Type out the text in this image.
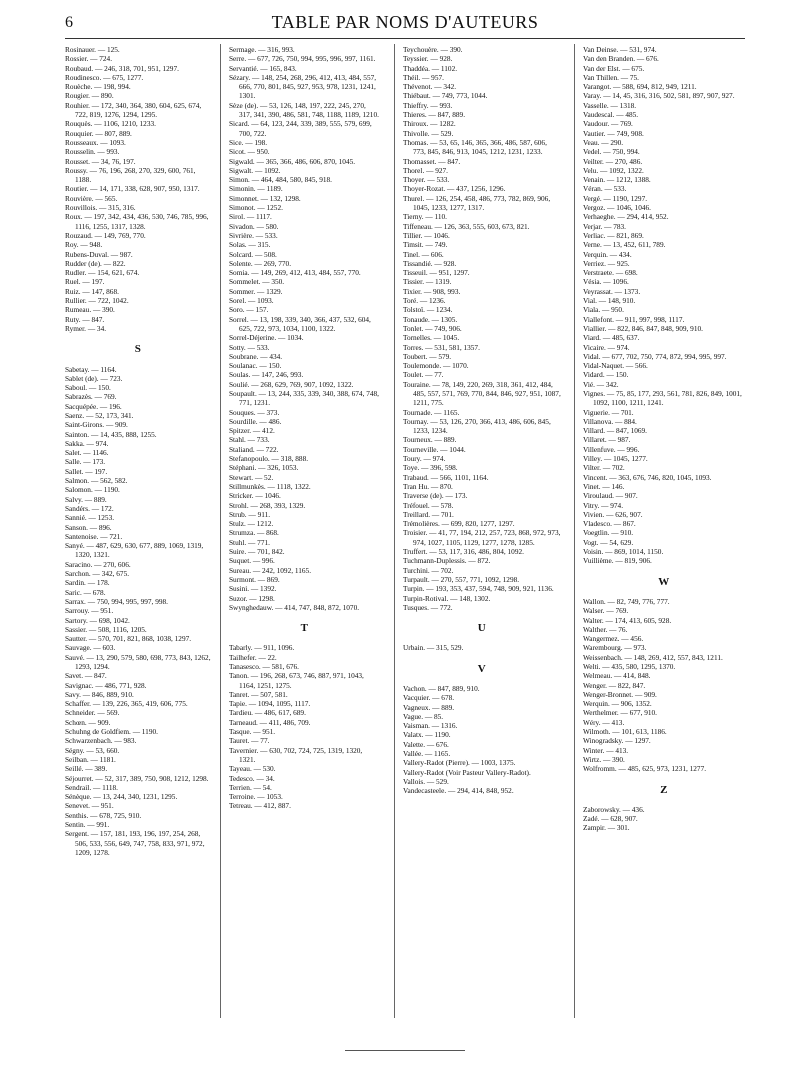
6	TABLE PAR NOMS D'AUTEURS
Rosinauer. — 125.
Rossier. — 724.
Roubaud. — 246, 318, 701, 951, 1297.
Roudinesco. — 675, 1277.
Rouèche. — 198, 994.
Rougier. — 890.
Rouhier. — 172, 340, 364, 380, 604, 625, 674, 722, 819, 1276, 1294, 1295.
Rouquès. — 1106, 1210, 1233.
Rouquier. — 807, 889.
Rousseaux. — 1093.
Rousselin. — 993.
Rousset. — 34, 76, 197.
Roussy. — 76, 196, 268, 270, 329, 600, 761, 1188.
Routier. — 14, 171, 338, 628, 907, 950, 1317.
Rouvière. — 565.
Rouvillois. — 315, 316.
Roux. — 197, 342, 434, 436, 530, 746, 785, 996, 1116, 1255, 1317, 1328.
Rouzaud. — 149, 769, 770.
Roy. — 948.
Rubens-Duval. — 987.
Rudder (de). — 822.
Rudler. — 154, 621, 674.
Ruel. — 197.
Ruiz. — 147, 868.
Rullier. — 722, 1042.
Rumeau. — 390.
Ruty. — 847.
Rymer. — 34.
S
Sabetay. — 1164.
Sablet (de). — 723.
Saboul. — 150.
Sabrazès. — 769.
Sacquépée. — 196.
Saenz. — 52, 173, 341.
Saint-Girons. — 909.
Sainton. — 14, 435, 888, 1255.
Sakka. — 974.
Salet. — 1146.
Salle. — 173.
Sallet. — 197.
Salmon. — 562, 582.
Salomon. — 1190.
Salvy. — 889.
Sandérs. — 172.
Sannié. — 1253.
Sanson. — 896.
Santenoise. — 721.
Sanyé. — 487, 629, 630, 677, 889, 1069, 1319, 1320, 1321.
Saracino. — 270, 606.
Sarchon. — 342, 675.
Sardin. — 178.
Saric. — 678.
Sarrax. — 750, 994, 995, 997, 998.
Sarrouy. — 951.
Sartory. — 698, 1042.
Sassier. — 508, 1116, 1205.
Sautter. — 570, 701, 821, 868, 1038, 1297.
Sauvage. — 603.
Sauvé. — 13, 290, 579, 580, 698, 773, 843, 1262, 1293, 1294.
Savet. — 847.
Savignac. — 486, 771, 928.
Savy. — 846, 889, 910.
Schaffer. — 139, 226, 365, 419, 606, 775.
Schneider. — 569.
Schœn. — 909.
Schuhng de Goldfiem. — 1190.
Schwarzenbach. — 983.
Ségny. — 53, 660.
Seilban. — 1181.
Seillé. — 389.
Séjourret. — 52, 317, 389, 750, 908, 1212, 1298.
Sendrail. — 1118.
Sénèque. — 13, 244, 340, 1231, 1295.
Senevet. — 951.
Senthis. — 678, 725, 910.
Sentin. — 991.
Sergent. — 157, 181, 193, 196, 197, 254, 268, 506, 533, 556, 649, 747, 758, 833, 971, 972, 1209, 1278.
Sermage. — 316, 993.
Serre. — 677, 726, 750, 994, 995, 996, 997, 1161.
Servantié. — 165, 843.
Sézary. — 148, 254, 268, 296, 412, 413, 484, 557, 666, 770, 801, 845, 927, 953, 978, 1231, 1241, 1301.
Sèze (de). — 53, 126, 148, 197, 222, 245, 270, 317, 341, 390, 486, 581, 748, 1188, 1189, 1210.
Sicard. — 64, 123, 244, 339, 389, 555, 579, 699, 700, 722.
Sice. — 198.
Sicot. — 950.
Sigwald. — 365, 366, 486, 606, 870, 1045.
Sigwalt. — 1092.
Simon. — 464, 484, 580, 845, 918.
Simonin. — 1189.
Simonnet. — 132, 1298.
Simonot. — 1252.
Sirol. — 1117.
Sivadon. — 580.
Sivrière. — 533.
Solas. — 315.
Solcard. — 508.
Solente. — 269, 770.
Somia. — 149, 269, 412, 413, 484, 557, 770.
Sommelet. — 350.
Sommer. — 1329.
Sorel. — 1093.
Soro. — 157.
Sorrel. — 13, 198, 339, 340, 366, 437, 532, 604, 625, 722, 973, 1034, 1100, 1322.
Sorrel-Déjerine. — 1034.
Sotty. — 533.
Soubrane. — 434.
Soulanac. — 150.
Soulas. — 147, 246, 993.
Soulié. — 268, 629, 769, 907, 1092, 1322.
Soupault. — 13, 244, 335, 339, 340, 388, 674, 748, 771, 1231.
Souques. — 373.
Sourdille. — 486.
Spitzer. — 412.
Stahl. — 733.
Staliand. — 722.
Stefanopoulo. — 318, 888.
Stéphani. — 326, 1053.
Stewart. — 52.
Stillmunkès. — 1118, 1322.
Stricker. — 1046.
Strohl. — 268, 393, 1329.
Strub. — 911.
Stulz. — 1212.
Strumza. — 868.
Stuhl. — 771.
Suire. — 701, 842.
Suquet. — 996.
Sureau. — 242, 1092, 1165.
Surmont. — 869.
Susini. — 1392.
Suzor. — 1298.
Swynghedauw. — 414, 747, 848, 872, 1070.
T
Tabarly. — 911, 1096.
Tailhefer. — 22.
Tanasesco. — 581, 676.
Tanon. — 196, 268, 673, 746, 887, 971, 1043, 1164, 1251, 1275.
Tanret. — 507, 581.
Tapie. — 1094, 1095, 1117.
Tardieu. — 486, 617, 689.
Tarneaud. — 411, 486, 709.
Tasque. — 951.
Tauret. — 77.
Tavernier. — 630, 702, 724, 725, 1319, 1320, 1321.
Tayeau. — 530.
Tedesco. — 34.
Terrien. — 54.
Terroine. — 1053.
Tetreau. — 412, 887.
Teychouère. — 390.
Teyssier. — 928.
Thaddéa. — 1102.
Théil. — 957.
Thévenot. — 342.
Thiébaut. — 749, 773, 1044.
Thieffry. — 993.
Thieres. — 847, 889.
Thiroux. — 1282.
Thivolle. — 529.
Thomas. — 53, 65, 146, 365, 366, 486, 587, 606, 773, 845, 846, 913, 1045, 1212, 1231, 1233.
Thomasset. — 847.
Thorel. — 927.
Thoyer. — 533.
Thoyer-Rozat. — 437, 1256, 1296.
Thurel. — 126, 254, 458, 486, 773, 782, 869, 906, 1045, 1233, 1277, 1317.
Tierny. — 110.
Tiffeneau. — 126, 363, 555, 603, 673, 821.
Tillier. — 1046.
Timsit. — 749.
Tinel. — 606.
Tissandié. — 928.
Tisseuil. — 951, 1297.
Tissier. — 1319.
Tixier. — 908, 993.
Toré. — 1236.
Tolstoï. — 1234.
Tonaude. — 1305.
Tonlet. — 749, 906.
Tornelles. — 1045.
Torres. — 531, 581, 1357.
Toubert. — 579.
Toulemonde. — 1070.
Toulet. — 77.
Touraine. — 78, 149, 220, 269, 318, 361, 412, 484, 485, 557, 571, 769, 770, 844, 846, 927, 951, 1087, 1211, 775.
Tournade. — 1165.
Tournay. — 53, 126, 270, 366, 413, 486, 606, 845, 1233, 1234.
Tourneux. — 889.
Tourneville. — 1044.
Toury. — 974.
Toye. — 396, 598.
Trabaud. — 566, 1101, 1164.
Tran Hu. — 870.
Traverse (de). — 173.
Tréfouel. — 578.
Treillard. — 701.
Trémolières. — 699, 820, 1277, 1297.
Troisier. — 41, 77, 194, 212, 257, 723, 868, 972, 973, 974, 1027, 1105, 1129, 1277, 1278, 1285.
Truffert. — 53, 117, 316, 486, 804, 1092.
Tuchmann-Duplessis. — 872.
Turchini. — 702.
Turpault. — 270, 557, 771, 1092, 1298.
Turpin. — 193, 353, 437, 594, 748, 909, 921, 1136.
Turpin-Rotival. — 148, 1302.
Tusques. — 772.
U
Urbain. — 315, 529.
V
Vachon. — 847, 889, 910.
Vacquier. — 678.
Vagneux. — 889.
Vague. — 85.
Vaisman. — 1316.
Valatx. — 1190.
Valette. — 676.
Vallée. — 1165.
Vallery-Radot (Pierre). — 1003, 1375.
Vallery-Radot (Voir Pasteur Vallery-Radot).
Vallois. — 529.
Vandecasteele. — 294, 414, 848, 952.
Van Deinse. — 531, 974.
Van den Branden. — 676.
Van der Elst. — 675.
Van Thillen. — 75.
Varangot. — 588, 694, 812, 949, 1211.
Varay. — 14, 45, 316, 316, 502, 581, 897, 907, 927.
Vasselle. — 1318.
Vaudescal. — 485.
Vaudour. — 769.
Vautier. — 749, 908.
Veau. — 290.
Vedel. — 750, 994.
Veilter. — 270, 486.
Velu. — 1092, 1322.
Venain. — 1212, 1388.
Véran. — 533.
Vergé. — 1190, 1297.
Vergoz. — 1046, 1046.
Verhaeghe. — 294, 414, 952.
Verjar. — 783.
Verliac. — 821, 869.
Verne. — 13, 452, 611, 789.
Verquin. — 434.
Verriez. — 925.
Verstraete. — 698.
Vésia. — 1096.
Veyrassat. — 1373.
Vial. — 148, 910.
Viala. — 950.
Viallefont. — 911, 997, 998, 1117.
Viallier. — 822, 846, 847, 848, 909, 910.
Viard. — 485, 637.
Vicaire. — 974.
Vidal. — 677, 702, 750, 774, 872, 994, 995, 997.
Vidal-Naquet. — 566.
Vidard. — 150.
Vié. — 342.
Vignes. — 75, 85, 177, 293, 561, 781, 826, 849, 1001, 1092, 1100, 1211, 1241.
Viguerie. — 701.
Villanova. — 884.
Villard. — 847, 1069.
Villaret. — 987.
Villenfuve. — 996.
Villey. — 1045, 1277.
Vilter. — 702.
Vincent. — 363, 676, 746, 820, 1045, 1093.
Vinet. — 146.
Viroulaud. — 907.
Vitry. — 974.
Vivien. — 626, 907.
Vladesco. — 867.
Voegtlin. — 910.
Vogt. — 54, 629.
Voisin. — 869, 1014, 1150.
Vuillième. — 819, 906.
W
Wallon. — 82, 749, 776, 777.
Walser. — 769.
Walter. — 174, 413, 605, 928.
Walther. — 76.
Wangermez. — 456.
Warembourg. — 973.
Weissenbach. — 148, 269, 412, 557, 843, 1211.
Welti. — 435, 580, 1295, 1370.
Welmeau. — 414, 848.
Wenger. — 822, 847.
Wenger-Bronnet. — 909.
Werquin. — 906, 1352.
Werthelmer. — 677, 910.
Wéry. — 413.
Wilmoth. — 101, 613, 1186.
Winogradsky. — 1297.
Winter. — 413.
Wirtz. — 390.
Wolfromm. — 485, 625, 973, 1231, 1277.
Z
Zaborowsky. — 436.
Zadé. — 628, 907.
Zampir. — 301.
